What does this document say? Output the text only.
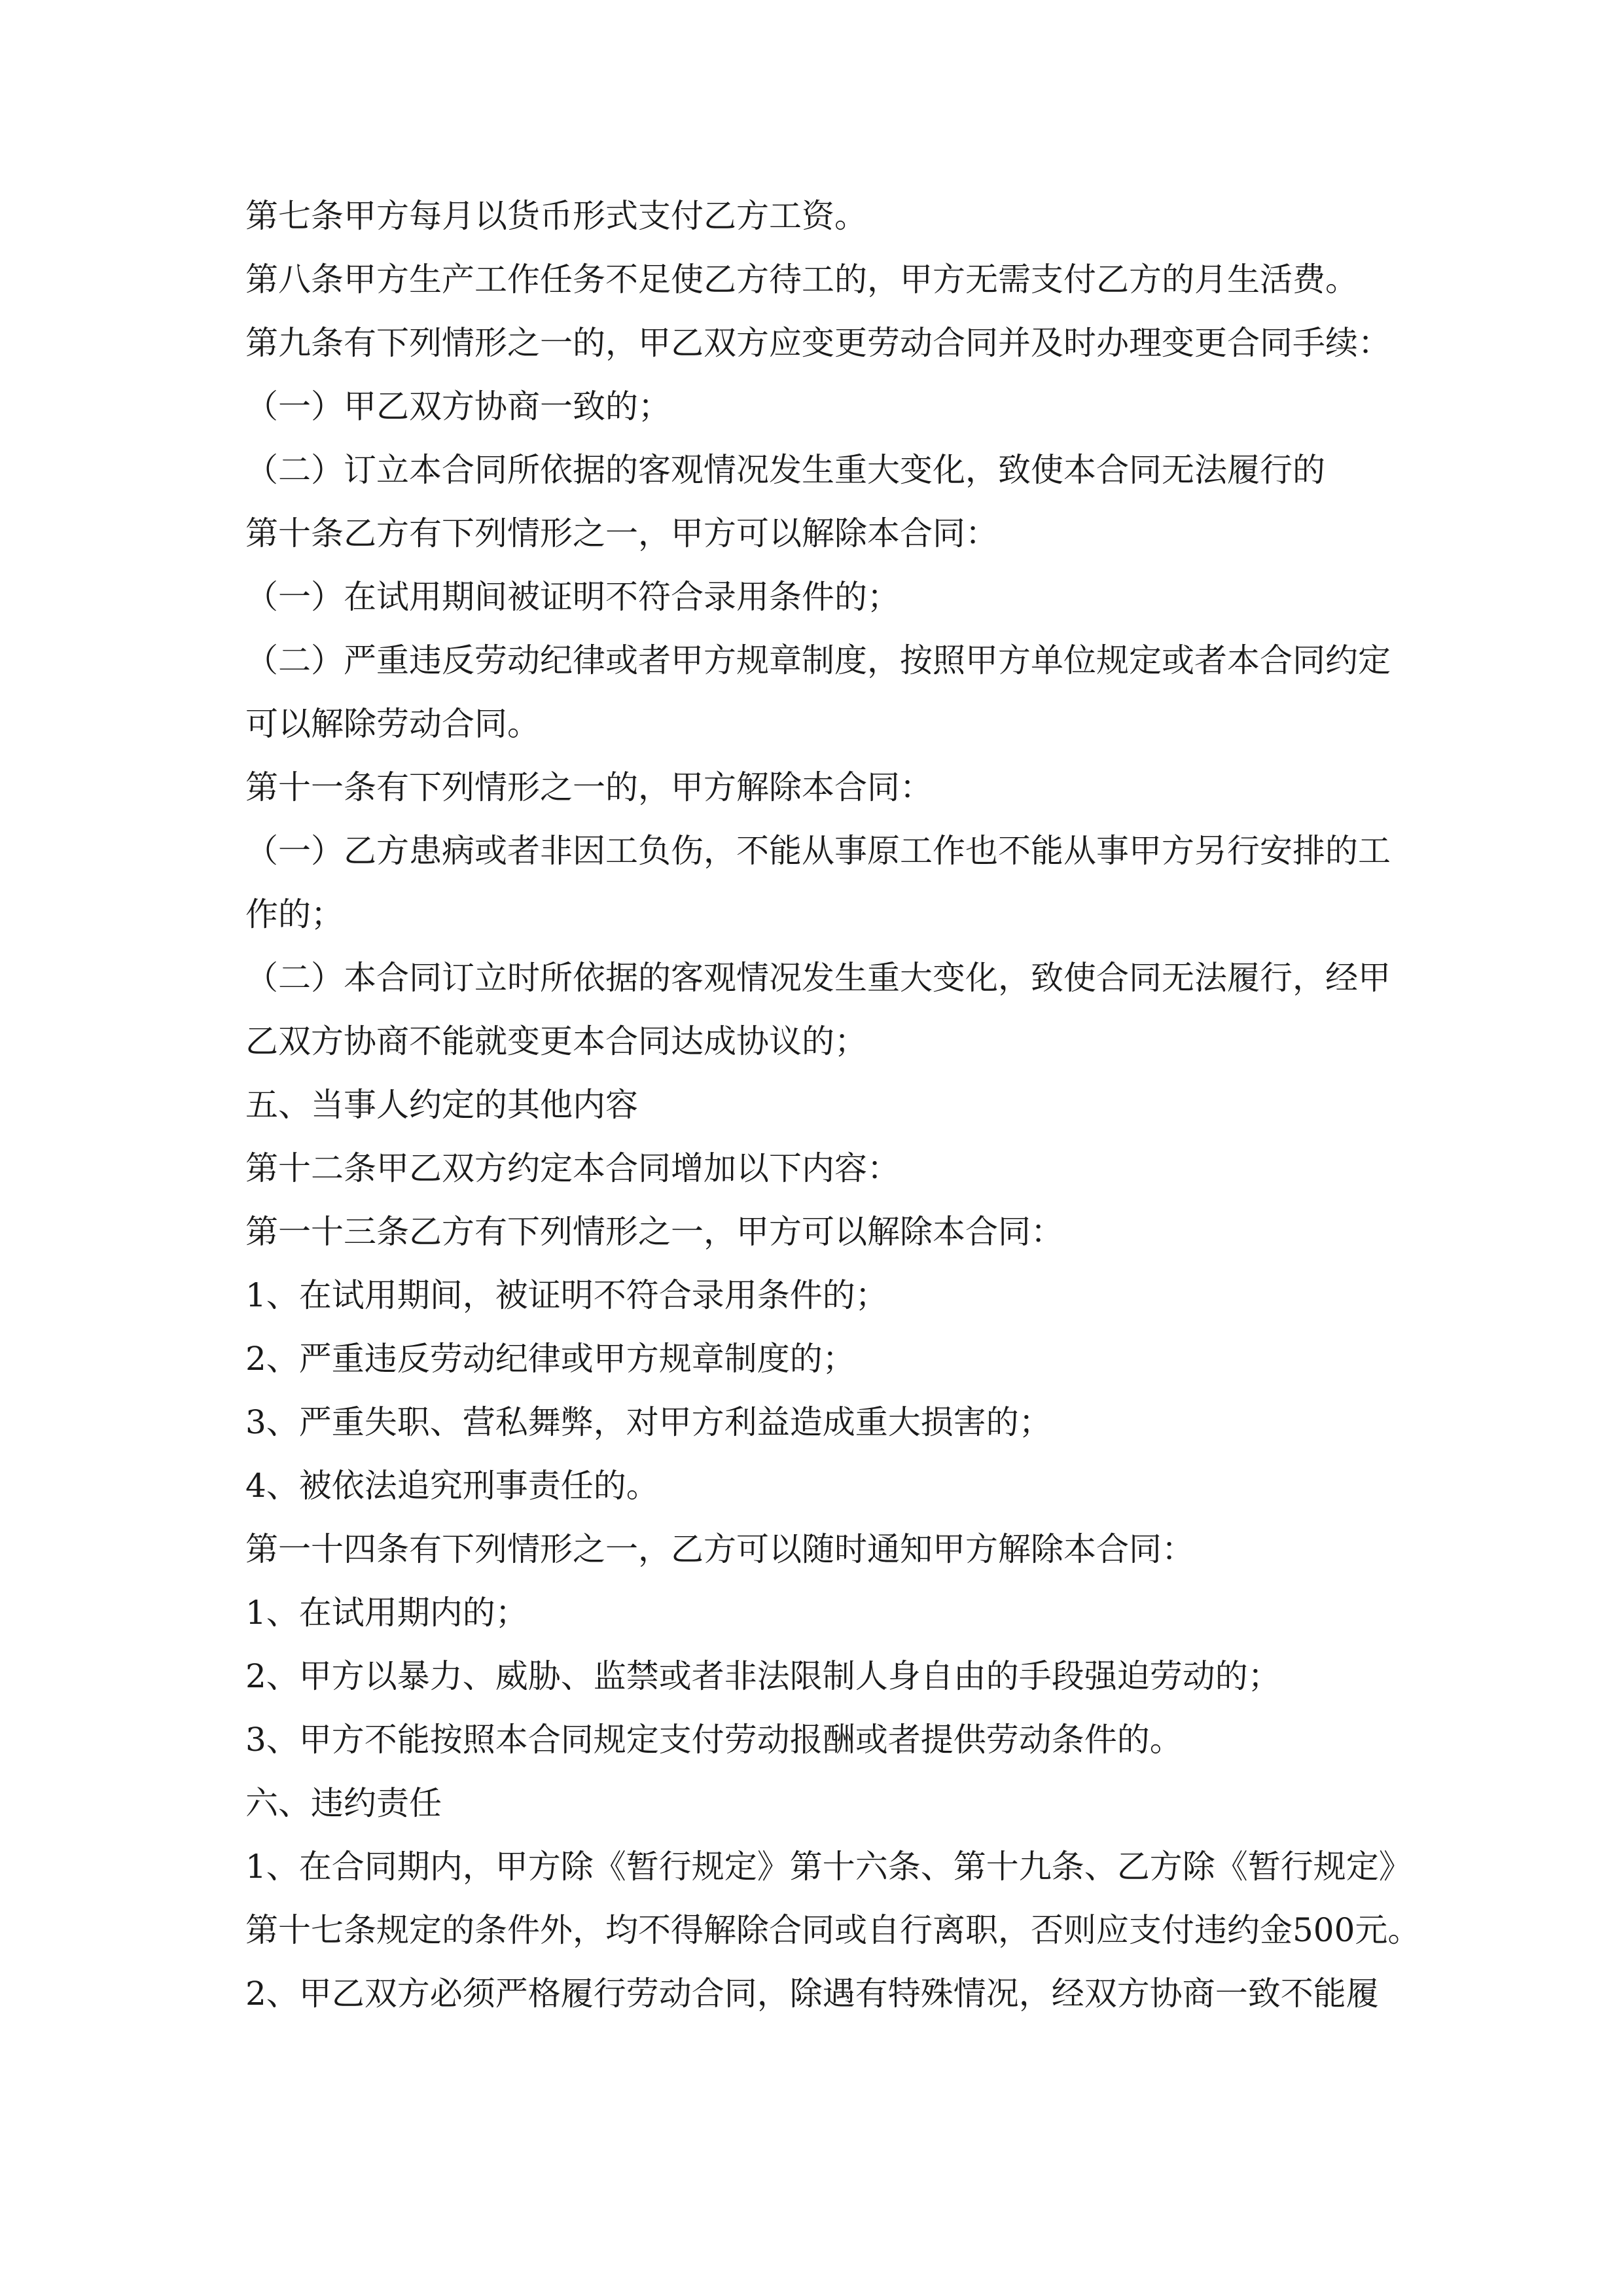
第七条甲方每月以货币形式支付乙方工资。
第八条甲方生产工作任务不足使乙方待工的，甲方无需支付乙方的月生活费。
第九条有下列情形之一的，甲乙双方应变更劳动合同并及时办理变更合同手续：
（一）甲乙双方协商一致的；
（二）订立本合同所依据的客观情况发生重大变化，致使本合同无法履行的
第十条乙方有下列情形之一，甲方可以解除本合同：
（一）在试用期间被证明不符合录用条件的；
（二）严重违反劳动纪律或者甲方规章制度，按照甲方单位规定或者本合同约定
可以解除劳动合同。
第十一条有下列情形之一的，甲方解除本合同：
（一）乙方患病或者非因工负伤，不能从事原工作也不能从事甲方另行安排的工
作的；
（二）本合同订立时所依据的客观情况发生重大变化，致使合同无法履行，经甲
乙双方协商不能就变更本合同达成协议的；
五、当事人约定的其他内容
第十二条甲乙双方约定本合同增加以下内容：
第一十三条乙方有下列情形之一，甲方可以解除本合同：
1、在试用期间，被证明不符合录用条件的；
2、严重违反劳动纪律或甲方规章制度的；
3、严重失职、营私舞弊，对甲方利益造成重大损害的；
4、被依法追究刑事责任的。
第一十四条有下列情形之一，乙方可以随时通知甲方解除本合同：
1、在试用期内的；
2、甲方以暴力、威胁、监禁或者非法限制人身自由的手段强迫劳动的；
3、甲方不能按照本合同规定支付劳动报酬或者提供劳动条件的。
六、违约责任
1、在合同期内，甲方除《暂行规定》第十六条、第十九条、乙方除《暂行规定》
第十七条规定的条件外，均不得解除合同或自行离职，否则应支付违约金500元。
2、甲乙双方必须严格履行劳动合同，除遇有特殊情况，经双方协商一致不能履
